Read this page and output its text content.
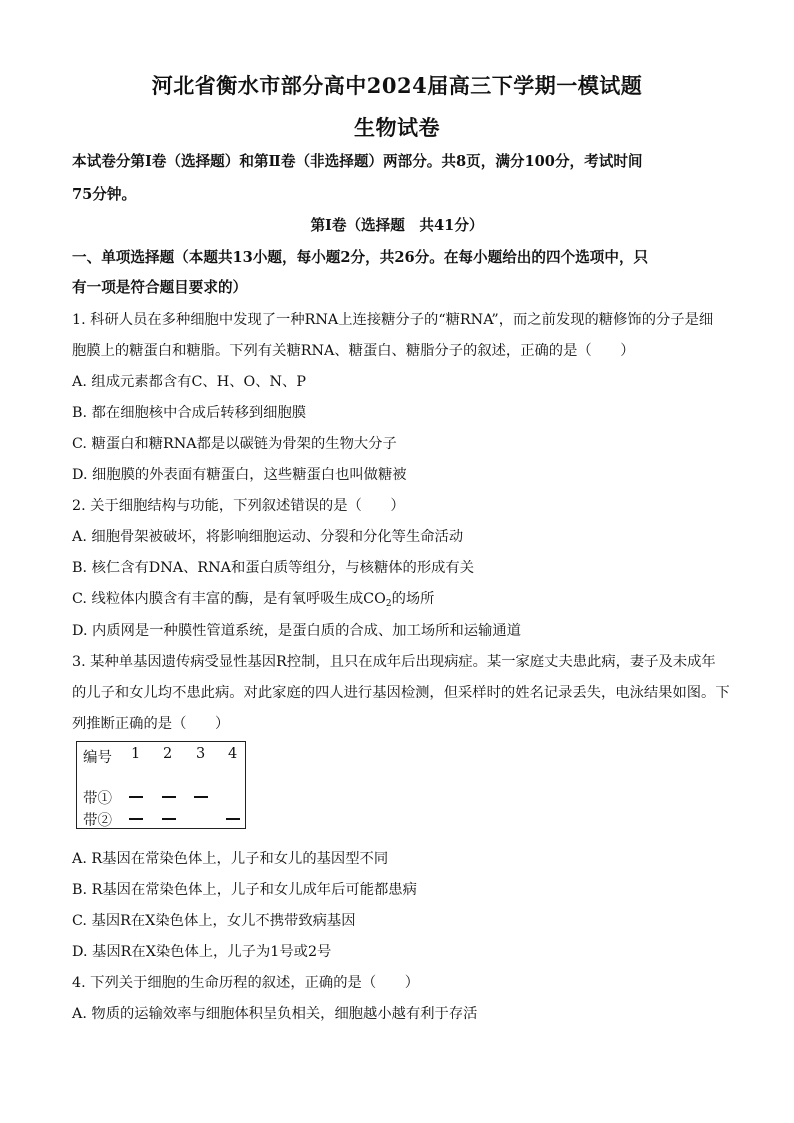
河北省衡水市部分高中2024届高三下学期一模试题
生物试卷
本试卷分第Ⅰ卷（选择题）和第Ⅱ卷（非选择题）两部分。共8页，满分100分，考试时间
75分钟。
第Ⅰ卷（选择题　共41分）
一、单项选择题（本题共13小题，每小题2分，共26分。在每小题给出的四个选项中，只
有一项是符合题目要求的）
1. 科研人员在多种细胞中发现了一种RNA上连接糖分子的“糖RNA”，而之前发现的糖修饰的分子是细
胞膜上的糖蛋白和糖脂。下列有关糖RNA、糖蛋白、糖脂分子的叙述，正确的是（　　）
A. 组成元素都含有C、H、O、N、P
B. 都在细胞核中合成后转移到细胞膜
C. 糖蛋白和糖RNA都是以碳链为骨架的生物大分子
D. 细胞膜的外表面有糖蛋白，这些糖蛋白也叫做糖被
2. 关于细胞结构与功能，下列叙述错误的是（　　）
A. 细胞骨架被破坏，将影响细胞运动、分裂和分化等生命活动
B. 核仁含有DNA、RNA和蛋白质等组分，与核糖体的形成有关
C. 线粒体内膜含有丰富的酶，是有氧呼吸生成$CO_2$的场所
D. 内质网是一种膜性管道系统，是蛋白质的合成、加工场所和运输通道
3. 某种单基因遗传病受显性基因R控制，且只在成年后出现病症。某一家庭丈夫患此病，妻子及未成年
的儿子和女儿均不患此病。对此家庭的四人进行基因检测，但采样时的姓名记录丢失，电泳结果如图。下
列推断正确的是（　　）
编号 1 2 3 4
带①
带②
A. R基因在常染色体上，儿子和女儿的基因型不同
B. R基因在常染色体上，儿子和女儿成年后可能都患病
C. 基因R在X染色体上，女儿不携带致病基因
D. 基因R在X染色体上，儿子为1号或2号
4. 下列关于细胞的生命历程的叙述，正确的是（　　）
A. 物质的运输效率与细胞体积呈负相关，细胞越小越有利于存活
